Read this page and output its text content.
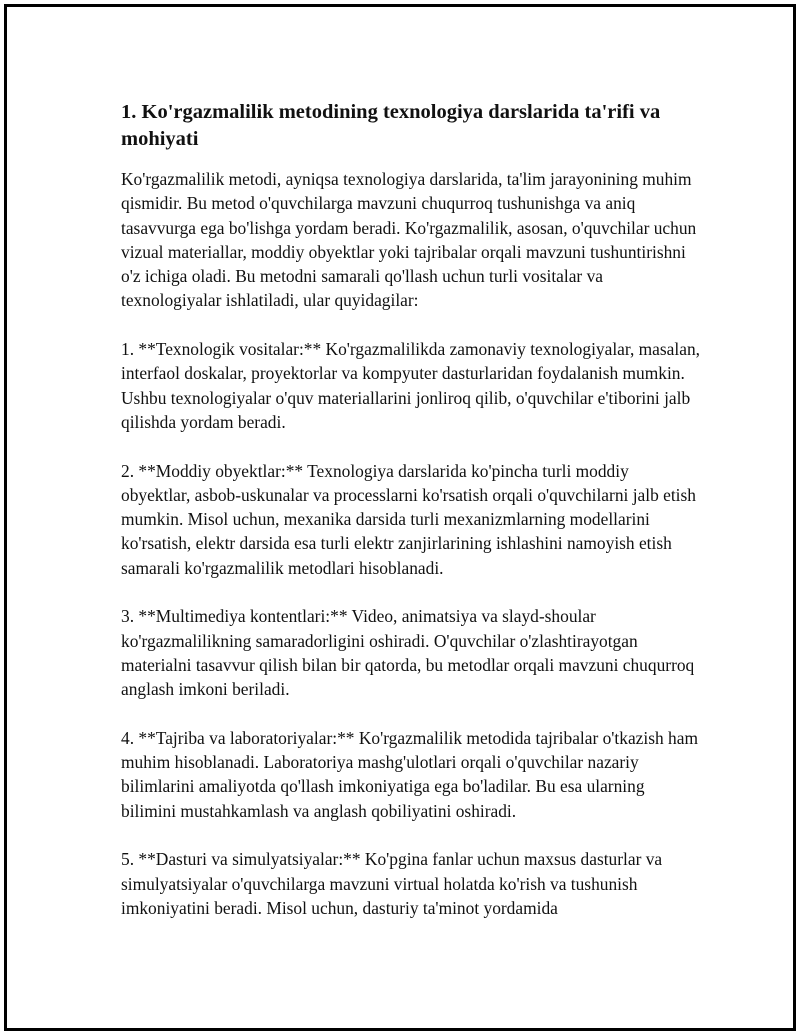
1. Ko'rgazmalilik metodining texnologiya darslarida ta'rifi va mohiyati

Ko'rgazmalilik metodi, ayniqsa texnologiya darslarida, ta'lim jarayonining muhim qismidir. Bu metod o'quvchilarga mavzuni chuqurroq tushunishga va aniq tasavvurga ega bo'lishga yordam beradi. Ko'rgazmalilik, asosan, o'quvchilar uchun vizual materiallar, moddiy obyektlar yoki tajribalar orqali mavzuni tushuntirishni o'z ichiga oladi. Bu metodni samarali qo'llash uchun turli vositalar va texnologiyalar ishlatiladi, ular quyidagilar:

1. **Texnologik vositalar:** Ko'rgazmalilikda zamonaviy texnologiyalar, masalan, interfaol doskalar, proyektorlar va kompyuter dasturlaridan foydalanish mumkin. Ushbu texnologiyalar o'quv materiallarini jonliroq qilib, o'quvchilar e'tiborini jalb qilishda yordam beradi.

2. **Moddiy obyektlar:** Texnologiya darslarida ko'pincha turli moddiy obyektlar, asbob-uskunalar va processlarni ko'rsatish orqali o'quvchilarni jalb etish mumkin. Misol uchun, mexanika darsida turli mexanizmlarning modellarini ko'rsatish, elektr darsida esa turli elektr zanjirlarining ishlashini namoyish etish samarali ko'rgazmalilik metodlari hisoblanadi.

3. **Multimediya kontentlari:** Video, animatsiya va slayd-shoular ko'rgazmalilikning samaradorligini oshiradi. O'quvchilar o'zlashtirayotgan materialni tasavvur qilish bilan bir qatorda, bu metodlar orqali mavzuni chuqurroq anglash imkoni beriladi.

4. **Tajriba va laboratoriyalar:** Ko'rgazmalilik metodida tajribalar o'tkazish ham muhim hisoblanadi. Laboratoriya mashg'ulotlari orqali o'quvchilar nazariy bilimlarini amaliyotda qo'llash imkoniyatiga ega bo'ladilar. Bu esa ularning bilimini mustahkamlash va anglash qobiliyatini oshiradi.

5. **Dasturi va simulyatsiyalar:** Ko'pgina fanlar uchun maxsus dasturlar va simulyatsiyalar o'quvchilarga mavzuni virtual holatda ko'rish va tushunish imkoniyatini beradi. Misol uchun, dasturiy ta'minot yordamida
